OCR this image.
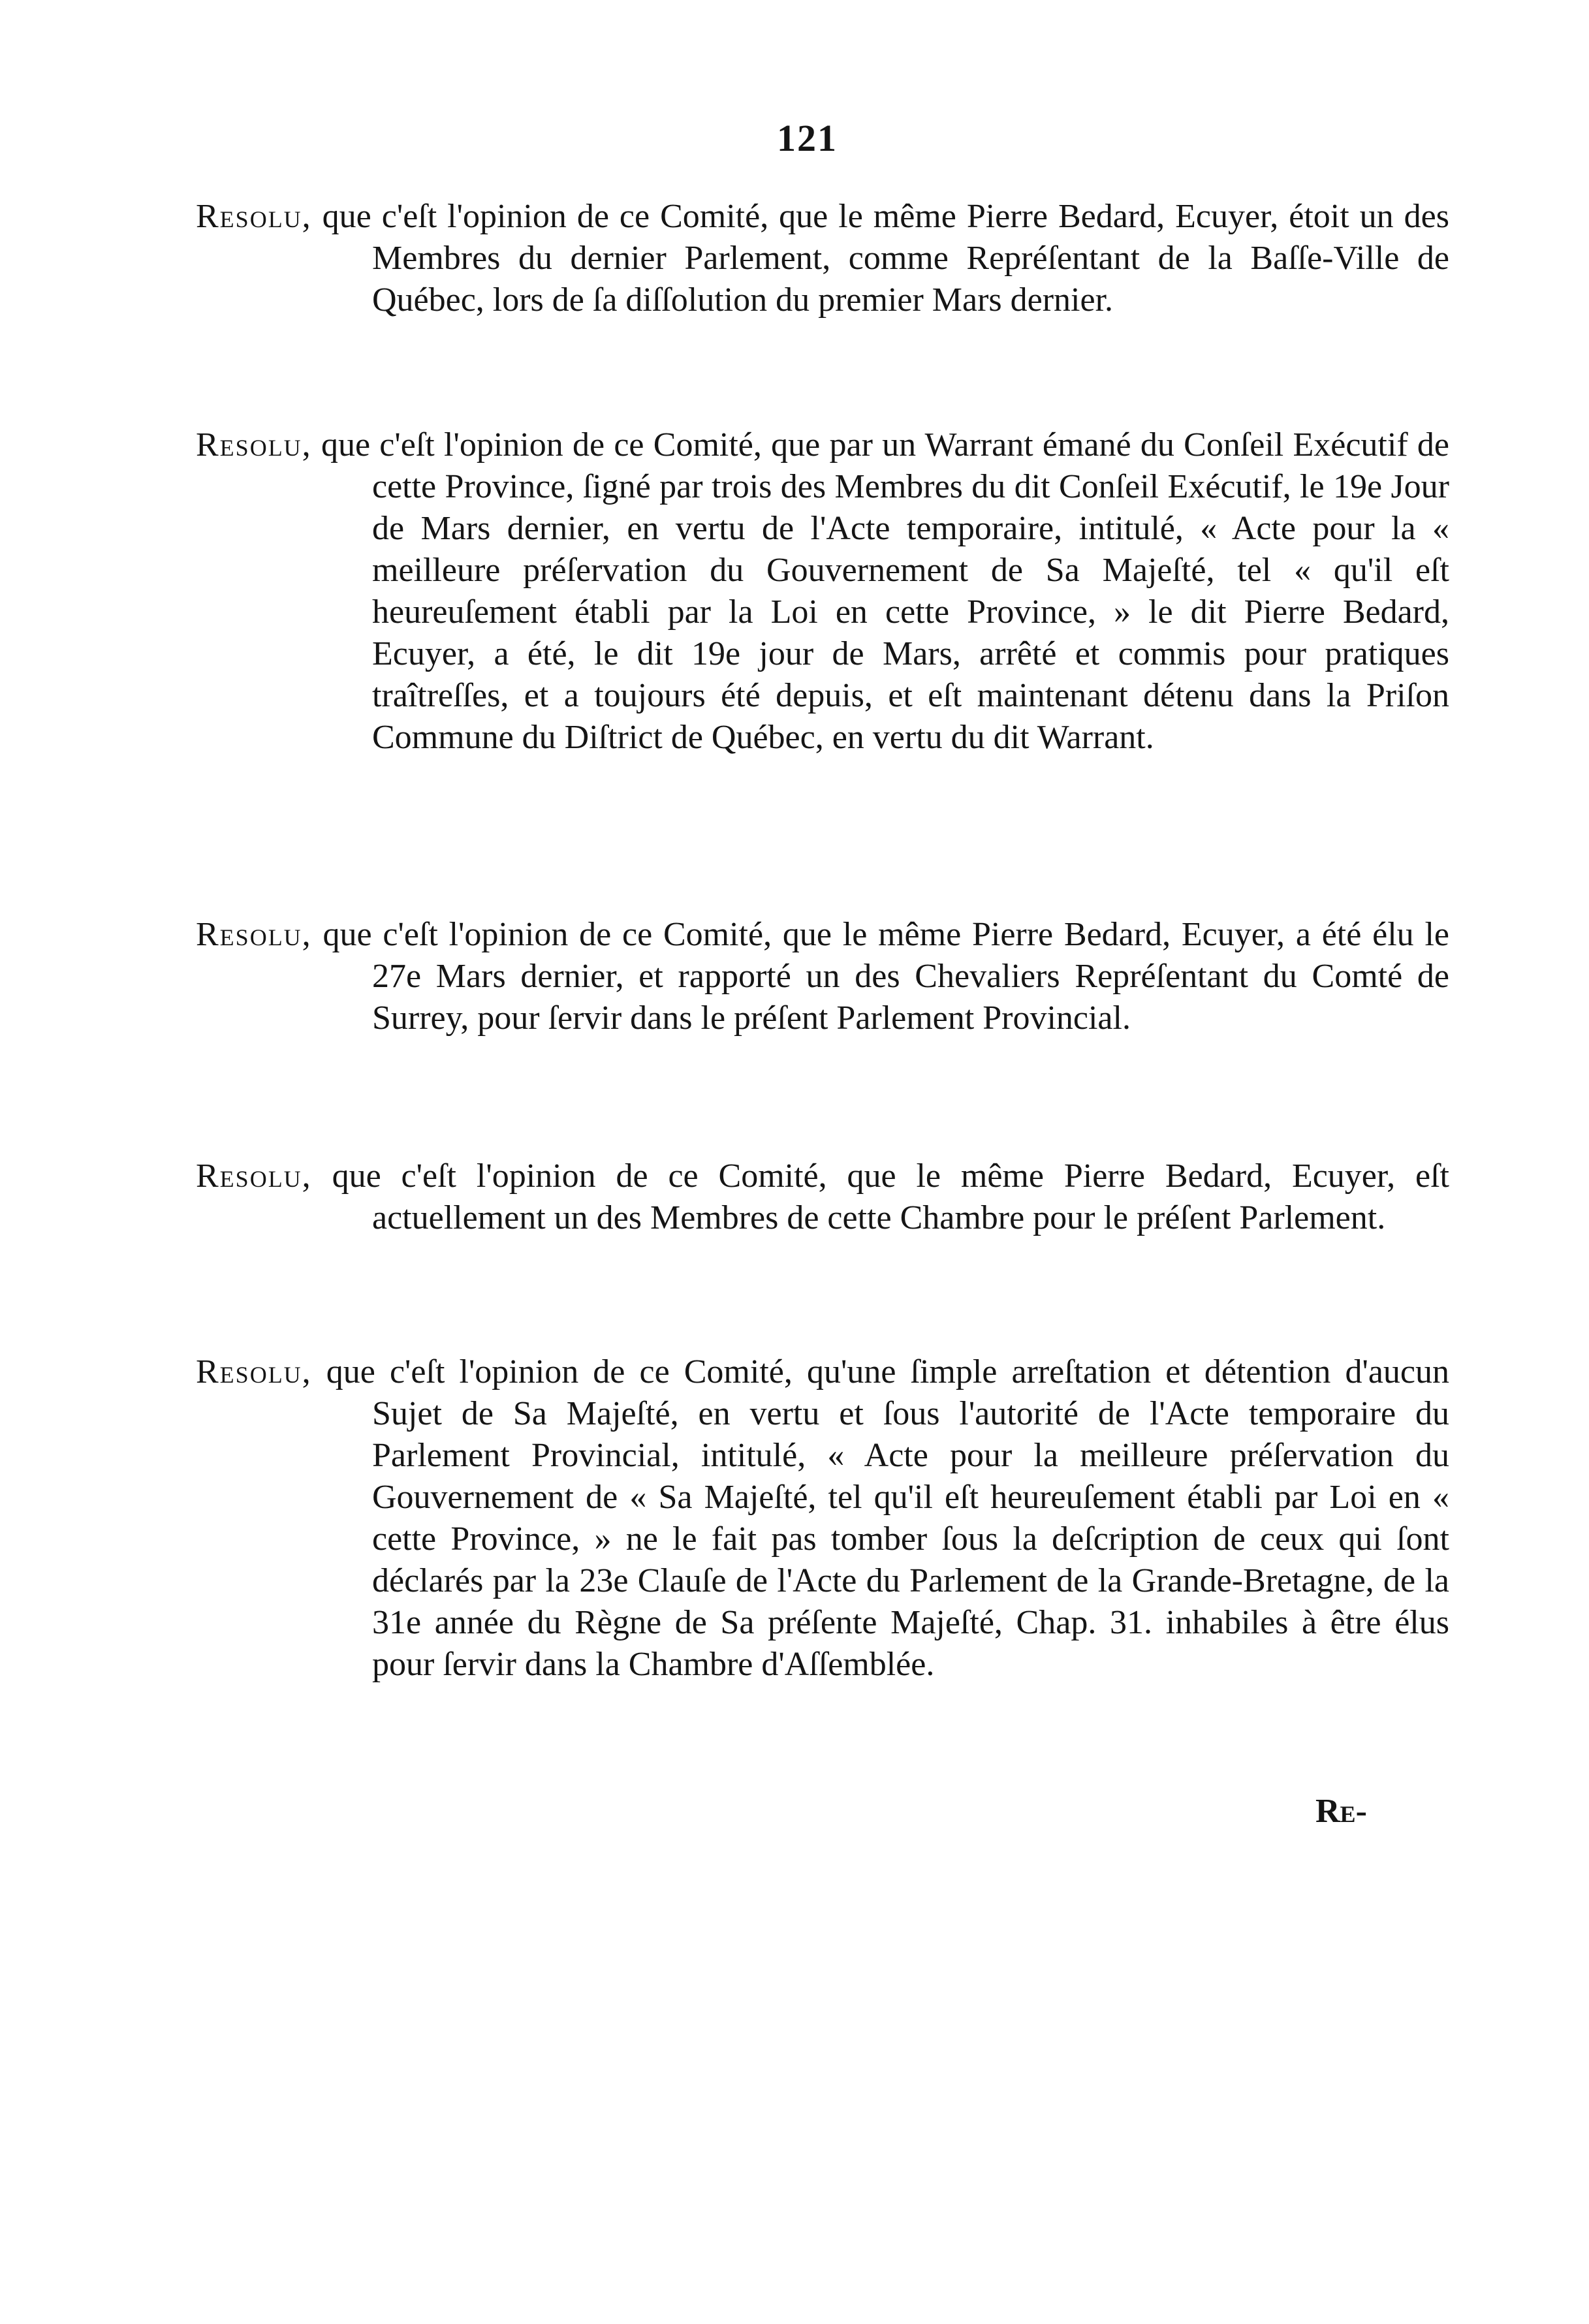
121

Resolu, que c'eſt l'opinion de ce Comité, que le même Pierre Bedard, Ecuyer, étoit un des Membres du dernier Parlement, comme Repréſentant de la Baſſe-Ville de Québec, lors de ſa diſſolution du premier Mars dernier.

Resolu, que c'eſt l'opinion de ce Comité, que par un Warrant émané du Conſeil Exécutif de cette Province, ſigné par trois des Membres du dit Conſeil Exécutif, le 19e Jour de Mars dernier, en vertu de l'Acte temporaire, intitulé, « Acte pour la « meilleure préſervation du Gouvernement de Sa Majeſté, tel « qu'il eſt heureuſement établi par la Loi en cette Province, » le dit Pierre Bedard, Ecuyer, a été, le dit 19e jour de Mars, arrêté et commis pour pratiques traîtreſſes, et a toujours été depuis, et eſt maintenant détenu dans la Priſon Commune du Diſtrict de Québec, en vertu du dit Warrant.

Resolu, que c'eſt l'opinion de ce Comité, que le même Pierre Bedard, Ecuyer, a été élu le 27e Mars dernier, et rapporté un des Chevaliers Repréſentant du Comté de Surrey, pour ſervir dans le préſent Parlement Provincial.

Resolu, que c'eſt l'opinion de ce Comité, que le même Pierre Bedard, Ecuyer, eſt actuellement un des Membres de cette Chambre pour le préſent Parlement.

Resolu, que c'eſt l'opinion de ce Comité, qu'une ſimple arreſtation et détention d'aucun Sujet de Sa Majeſté, en vertu et ſous l'autorité de l'Acte temporaire du Parlement Provincial, intitulé, « Acte pour la meilleure préſervation du Gouvernement de « Sa Majeſté, tel qu'il eſt heureuſement établi par Loi en « cette Province, » ne le fait pas tomber ſous la deſcription de ceux qui ſont déclarés par la 23e Clauſe de l'Acte du Parlement de la Grande-Bretagne, de la 31e année du Règne de Sa préſente Majeſté, Chap. 31. inhabiles à être élus pour ſervir dans la Chambre d'Aſſemblée.

Re-
